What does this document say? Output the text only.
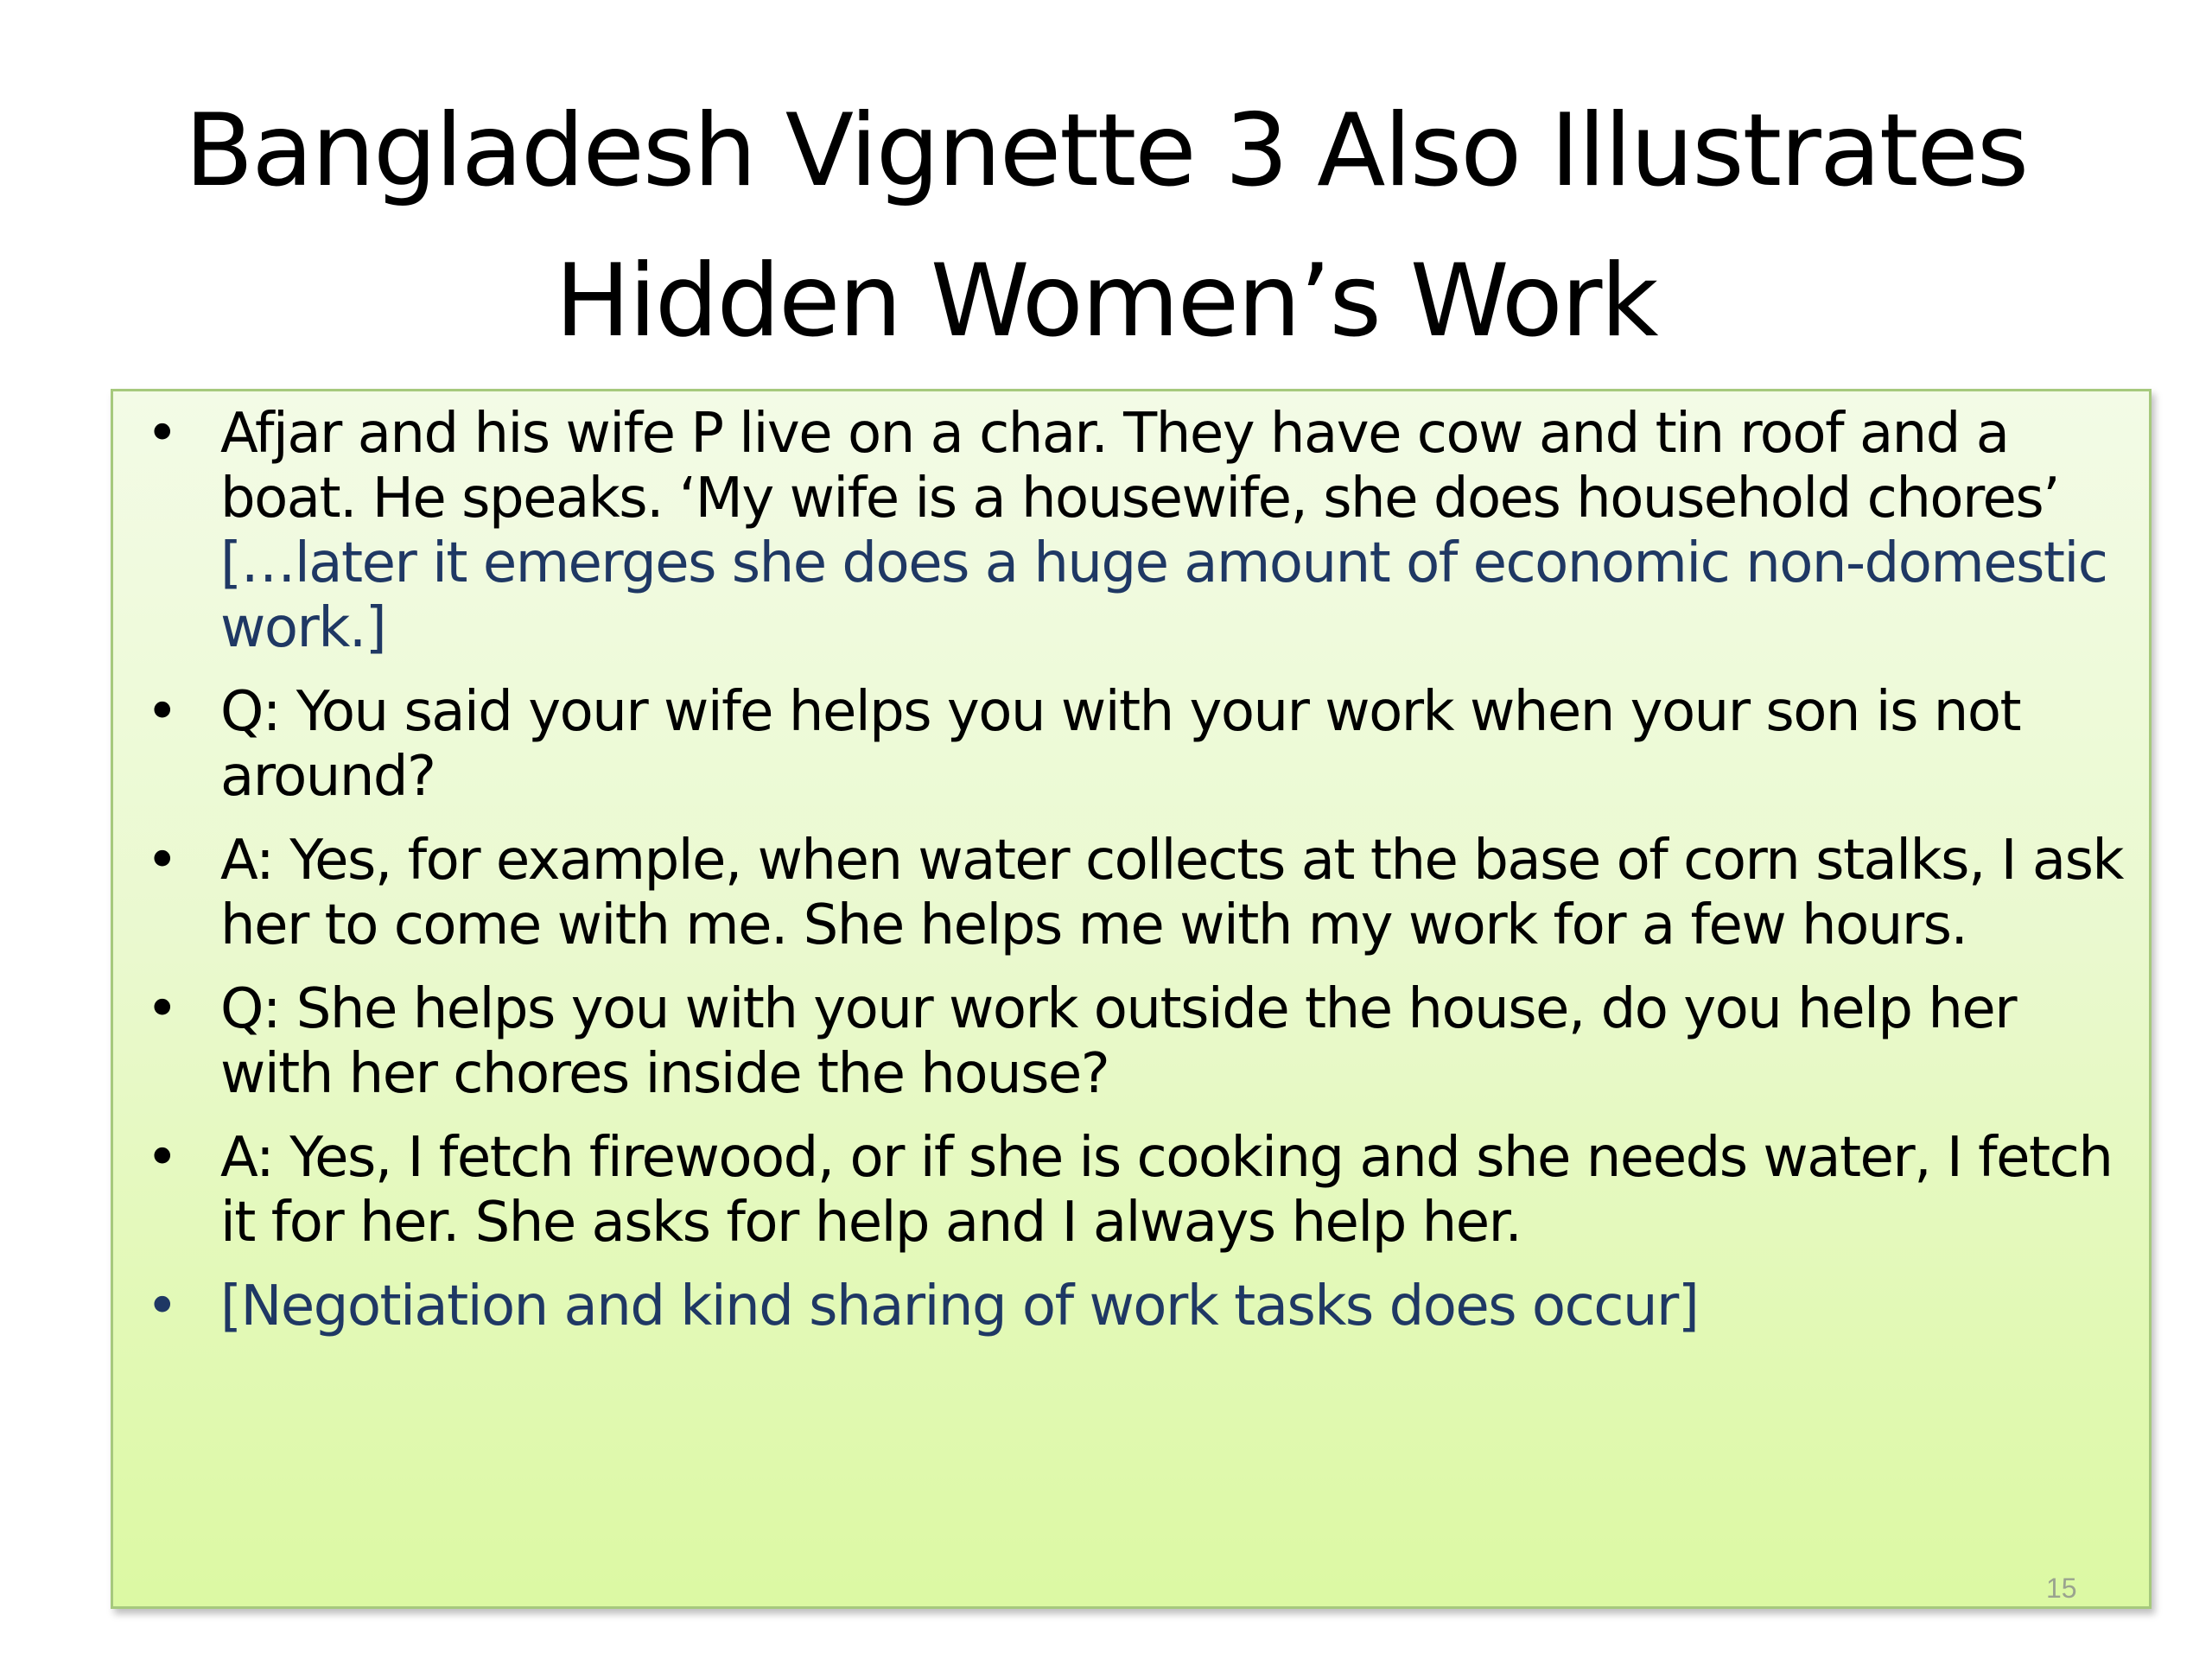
Bangladesh Vignette 3 Also Illustrates
Hidden Women’s Work
• Afjar and his wife P live on a char. They have cow and tin roof and a boat. He speaks. ‘My wife is a housewife, she does household chores’ […later it emerges she does a huge amount of economic non-domestic work.]
• Q: You said your wife helps you with your work when your son is not around?
• A: Yes, for example, when water collects at the base of corn stalks, I ask her to come with me. She helps me with my work for a few hours.
• Q: She helps you with your work outside the house, do you help her with her chores inside the house?
• A: Yes, I fetch firewood, or if she is cooking and she needs water, I fetch it for her. She asks for help and I always help her.
• [Negotiation and kind sharing of work tasks does occur]
15
